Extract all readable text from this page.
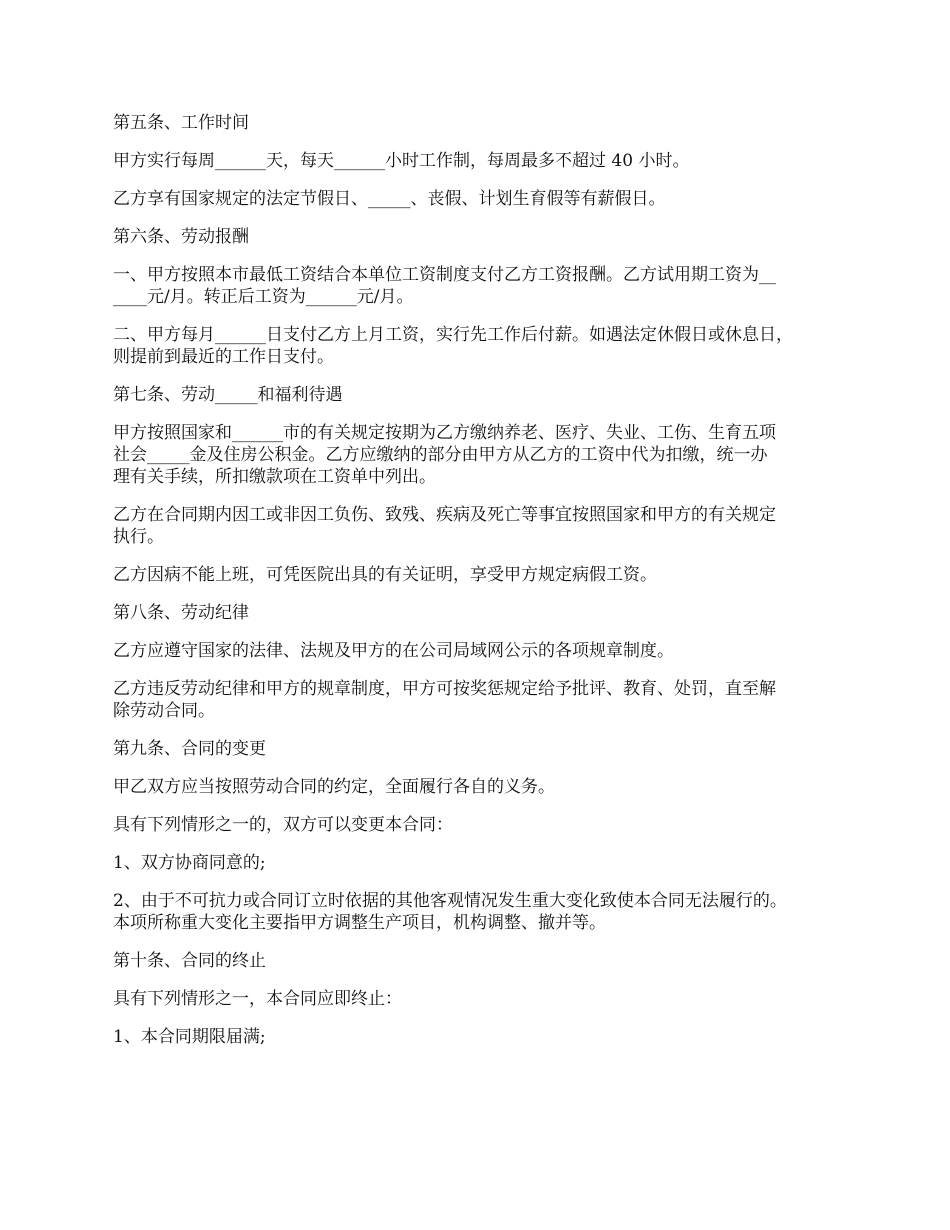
第五条、工作时间

甲方实行每周______天，每天______小时工作制，每周最多不超过 40 小时。

乙方享有国家规定的法定节假日、_____、丧假、计划生育假等有薪假日。

第六条、劳动报酬

一、甲方按照本市最低工资结合本单位工资制度支付乙方工资报酬。乙方试用期工资为__
____元/月。转正后工资为______元/月。

二、甲方每月______日支付乙方上月工资，实行先工作后付薪。如遇法定休假日或休息日，
则提前到最近的工作日支付。

第七条、劳动_____和福利待遇

甲方按照国家和______市的有关规定按期为乙方缴纳养老、医疗、失业、工伤、生育五项
社会_____金及住房公积金。乙方应缴纳的部分由甲方从乙方的工资中代为扣缴，统一办
理有关手续，所扣缴款项在工资单中列出。

乙方在合同期内因工或非因工负伤、致残、疾病及死亡等事宜按照国家和甲方的有关规定
执行。

乙方因病不能上班，可凭医院出具的有关证明，享受甲方规定病假工资。

第八条、劳动纪律

乙方应遵守国家的法律、法规及甲方的在公司局域网公示的各项规章制度。

乙方违反劳动纪律和甲方的规章制度，甲方可按奖惩规定给予批评、教育、处罚，直至解
除劳动合同。

第九条、合同的变更

甲乙双方应当按照劳动合同的约定，全面履行各自的义务。

具有下列情形之一的，双方可以变更本合同：

1、双方协商同意的;

2、由于不可抗力或合同订立时依据的其他客观情况发生重大变化致使本合同无法履行的。
本项所称重大变化主要指甲方调整生产项目，机构调整、撤并等。

第十条、合同的终止

具有下列情形之一，本合同应即终止：

1、本合同期限届满;
